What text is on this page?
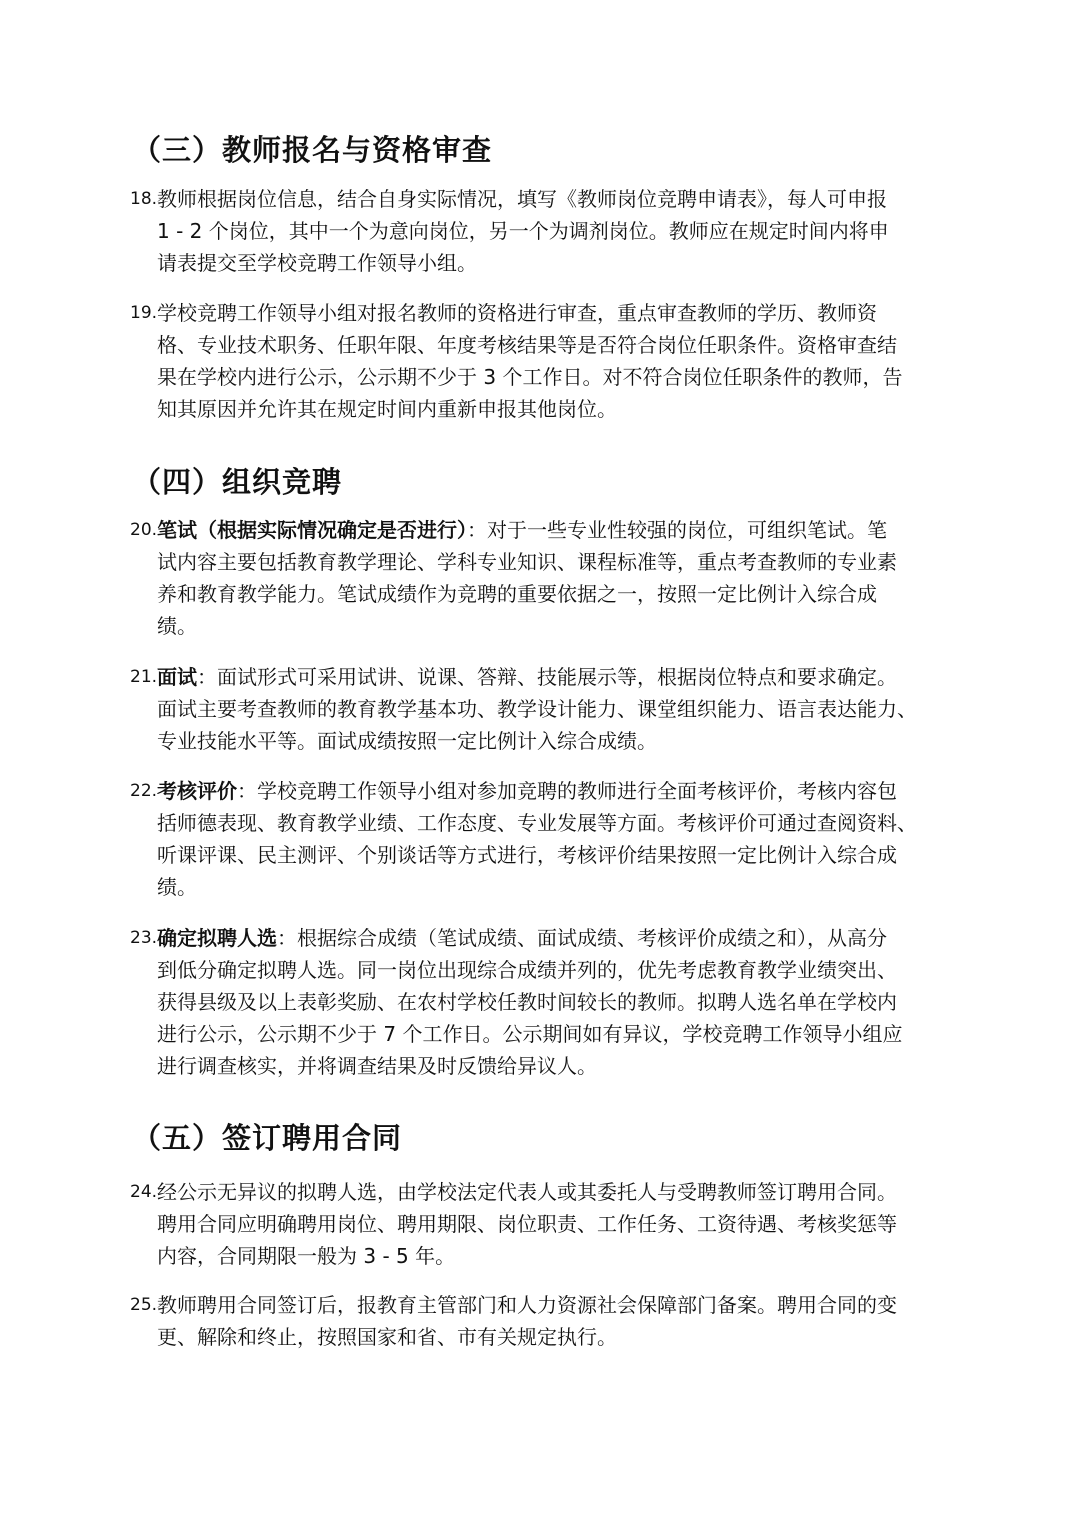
（三）教师报名与资格审查
18. 教师根据岗位信息，结合自身实际情况，填写《教师岗位竞聘申请表》，每人可申报
1 - 2 个岗位，其中一个为意向岗位，另一个为调剂岗位。教师应在规定时间内将申
请表提交至学校竞聘工作领导小组。
19. 学校竞聘工作领导小组对报名教师的资格进行审查，重点审查教师的学历、教师资
格、专业技术职务、任职年限、年度考核结果等是否符合岗位任职条件。资格审查结
果在学校内进行公示，公示期不少于 3 个工作日。对不符合岗位任职条件的教师，告
知其原因并允许其在规定时间内重新申报其他岗位。
（四）组织竞聘
20. 笔试（根据实际情况确定是否进行）：对于一些专业性较强的岗位，可组织笔试。笔
试内容主要包括教育教学理论、学科专业知识、课程标准等，重点考查教师的专业素
养和教育教学能力。笔试成绩作为竞聘的重要依据之一，按照一定比例计入综合成
绩。
21. 面试：面试形式可采用试讲、说课、答辩、技能展示等，根据岗位特点和要求确定。
面试主要考查教师的教育教学基本功、教学设计能力、课堂组织能力、语言表达能力、
专业技能水平等。面试成绩按照一定比例计入综合成绩。
22. 考核评价：学校竞聘工作领导小组对参加竞聘的教师进行全面考核评价，考核内容包
括师德表现、教育教学业绩、工作态度、专业发展等方面。考核评价可通过查阅资料、
听课评课、民主测评、个别谈话等方式进行，考核评价结果按照一定比例计入综合成
绩。
23. 确定拟聘人选：根据综合成绩（笔试成绩、面试成绩、考核评价成绩之和），从高分
到低分确定拟聘人选。同一岗位出现综合成绩并列的，优先考虑教育教学业绩突出、
获得县级及以上表彰奖励、在农村学校任教时间较长的教师。拟聘人选名单在学校内
进行公示，公示期不少于 7 个工作日。公示期间如有异议，学校竞聘工作领导小组应
进行调查核实，并将调查结果及时反馈给异议人。
（五）签订聘用合同
24. 经公示无异议的拟聘人选，由学校法定代表人或其委托人与受聘教师签订聘用合同。
聘用合同应明确聘用岗位、聘用期限、岗位职责、工作任务、工资待遇、考核奖惩等
内容，合同期限一般为 3 - 5 年。
25. 教师聘用合同签订后，报教育主管部门和人力资源社会保障部门备案。聘用合同的变
更、解除和终止，按照国家和省、市有关规定执行。
